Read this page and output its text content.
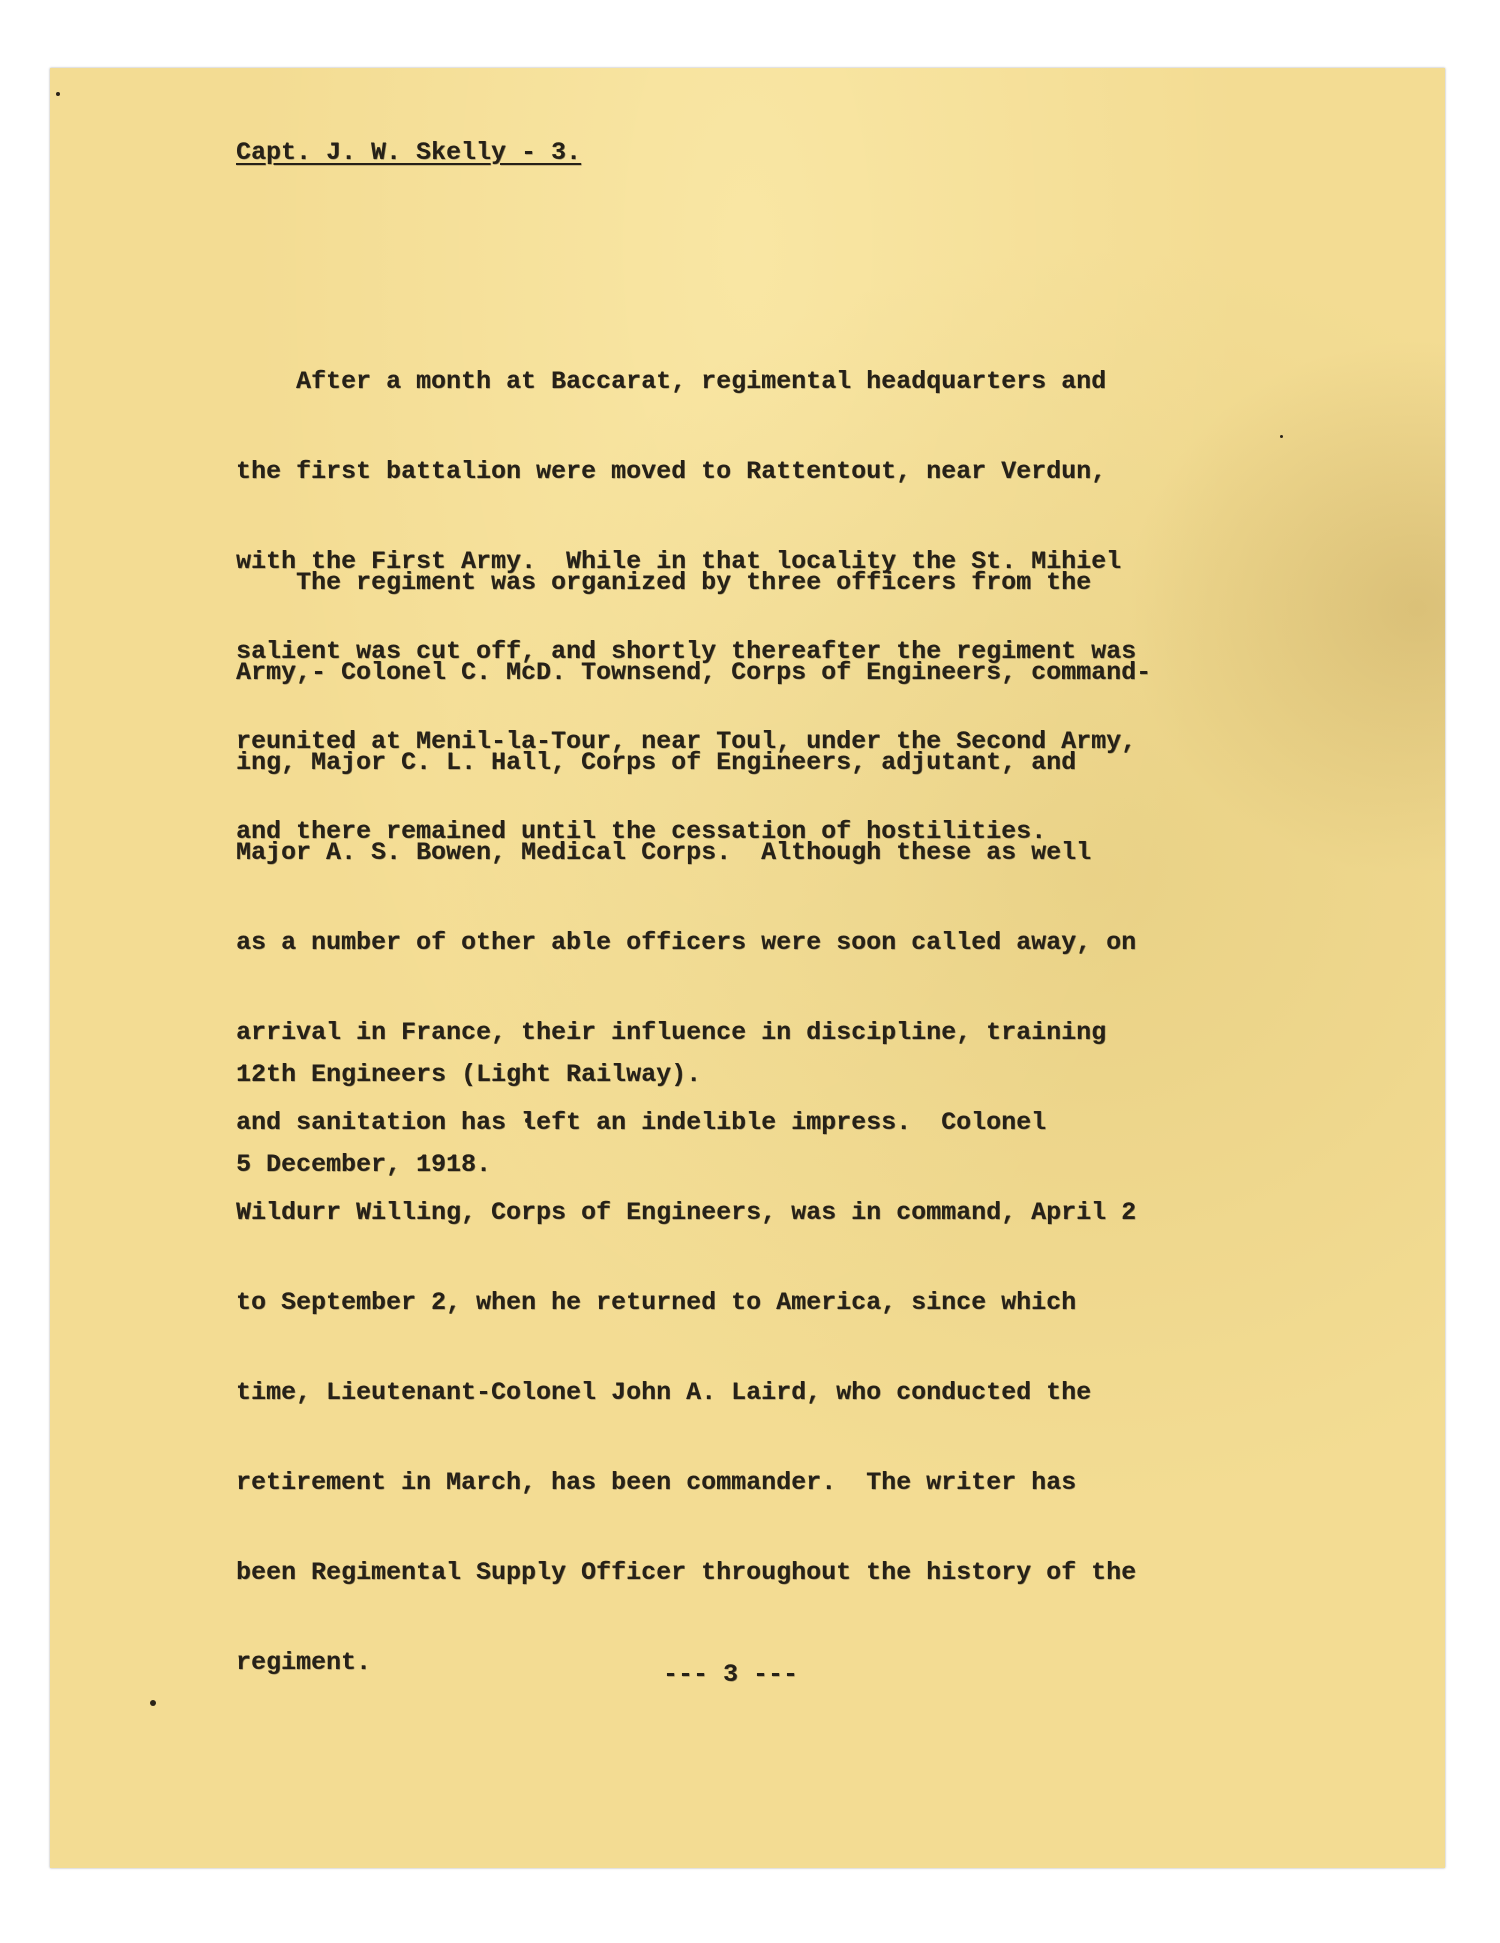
Capt. J. W. Skelly - 3.

After a month at Baccarat, regimental headquarters and

the first battalion were moved to Rattentout, near Verdun,

with the First Army.  While in that locality the St. Mihiel

salient was cut off, and shortly thereafter the regiment was

reunited at Menil-la-Tour, near Toul, under the Second Army,

and there remained until the cessation of hostilities.

The regiment was organized by three officers from the

Army,- Colonel C. McD. Townsend, Corps of Engineers, command-

ing, Major C. L. Hall, Corps of Engineers, adjutant, and

Major A. S. Bowen, Medical Corps.  Although these as well

as a number of other able officers were soon called away, on

arrival in France, their influence in discipline, training

and sanitation has left an indelible impress.  Colonel

Wildurr Willing, Corps of Engineers, was in command, April 2

to September 2, when he returned to America, since which

time, Lieutenant-Colonel John A. Laird, who conducted the

retirement in March, has been commander.  The writer has

been Regimental Supply Officer throughout the history of the

regiment.

12th Engineers (Light Railway).

5 December, 1918.

--- 3 ---
